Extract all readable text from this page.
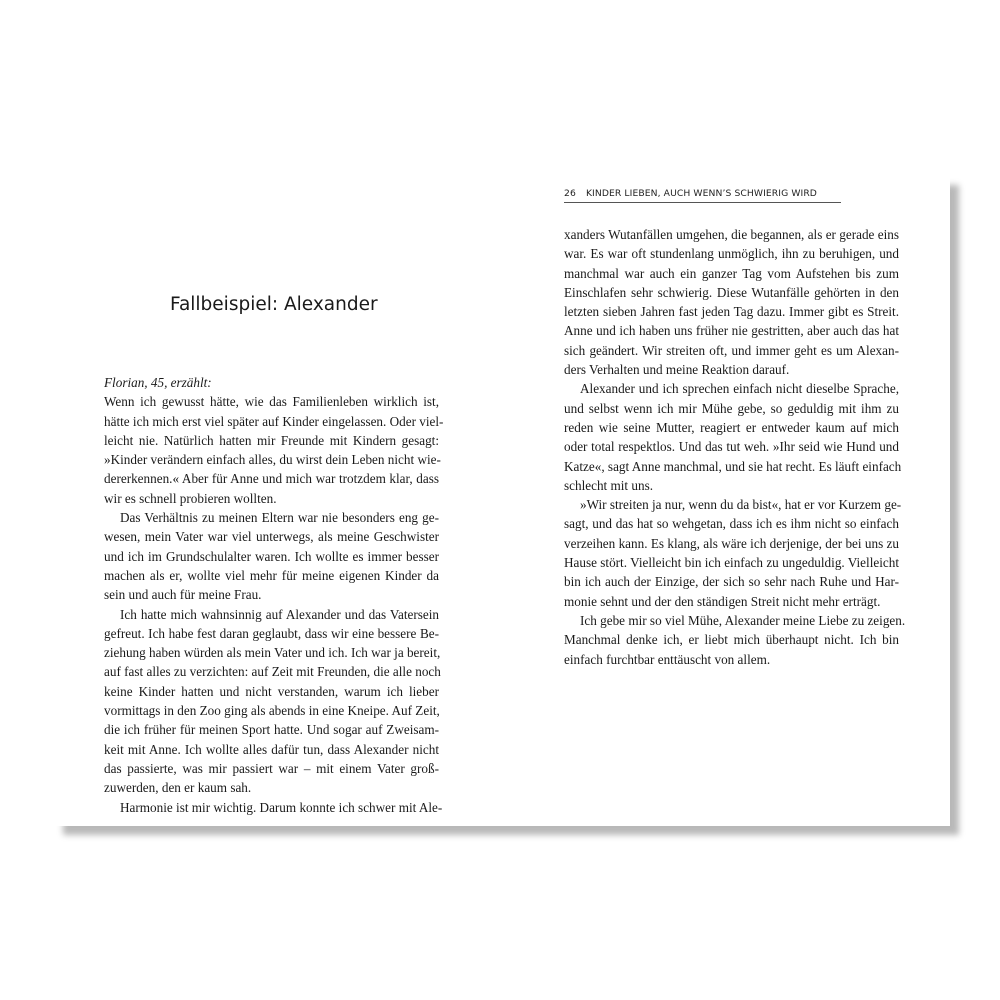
Fallbeispiel: Alexander
Florian, 45, erzählt:
Wenn ich gewusst hätte, wie das Familienleben wirklich ist,
hätte ich mich erst viel später auf Kinder eingelassen. Oder viel-
leicht nie. Natürlich hatten mir Freunde mit Kindern gesagt:
»Kinder verändern einfach alles, du wirst dein Leben nicht wie-
dererkennen.« Aber für Anne und mich war trotzdem klar, dass
wir es schnell probieren wollten.
Das Verhältnis zu meinen Eltern war nie besonders eng ge-
wesen, mein Vater war viel unterwegs, als meine Geschwister
und ich im Grundschulalter waren. Ich wollte es immer besser
machen als er, wollte viel mehr für meine eigenen Kinder da
sein und auch für meine Frau.
Ich hatte mich wahnsinnig auf Alexander und das Vatersein
gefreut. Ich habe fest daran geglaubt, dass wir eine bessere Be-
ziehung haben würden als mein Vater und ich. Ich war ja bereit,
auf fast alles zu verzichten: auf Zeit mit Freunden, die alle noch
keine Kinder hatten und nicht verstanden, warum ich lieber
vormittags in den Zoo ging als abends in eine Kneipe. Auf Zeit,
die ich früher für meinen Sport hatte. Und sogar auf Zweisam-
keit mit Anne. Ich wollte alles dafür tun, dass Alexander nicht
das passierte, was mir passiert war – mit einem Vater groß-
zuwerden, den er kaum sah.
Harmonie ist mir wichtig. Darum konnte ich schwer mit Ale-
26 KINDER LIEBEN, AUCH WENN’S SCHWIERIG WIRD
xanders Wutanfällen umgehen, die begannen, als er gerade eins
war. Es war oft stundenlang unmöglich, ihn zu beruhigen, und
manchmal war auch ein ganzer Tag vom Aufstehen bis zum
Einschlafen sehr schwierig. Diese Wutanfälle gehörten in den
letzten sieben Jahren fast jeden Tag dazu. Immer gibt es Streit.
Anne und ich haben uns früher nie gestritten, aber auch das hat
sich geändert. Wir streiten oft, und immer geht es um Alexan-
ders Verhalten und meine Reaktion darauf.
Alexander und ich sprechen einfach nicht dieselbe Sprache,
und selbst wenn ich mir Mühe gebe, so geduldig mit ihm zu
reden wie seine Mutter, reagiert er entweder kaum auf mich
oder total respektlos. Und das tut weh. »Ihr seid wie Hund und
Katze«, sagt Anne manchmal, und sie hat recht. Es läuft einfach
schlecht mit uns.
»Wir streiten ja nur, wenn du da bist«, hat er vor Kurzem ge-
sagt, und das hat so wehgetan, dass ich es ihm nicht so einfach
verzeihen kann. Es klang, als wäre ich derjenige, der bei uns zu
Hause stört. Vielleicht bin ich einfach zu ungeduldig. Vielleicht
bin ich auch der Einzige, der sich so sehr nach Ruhe und Har-
monie sehnt und der den ständigen Streit nicht mehr erträgt.
Ich gebe mir so viel Mühe, Alexander meine Liebe zu zeigen.
Manchmal denke ich, er liebt mich überhaupt nicht. Ich bin
einfach furchtbar enttäuscht von allem.
